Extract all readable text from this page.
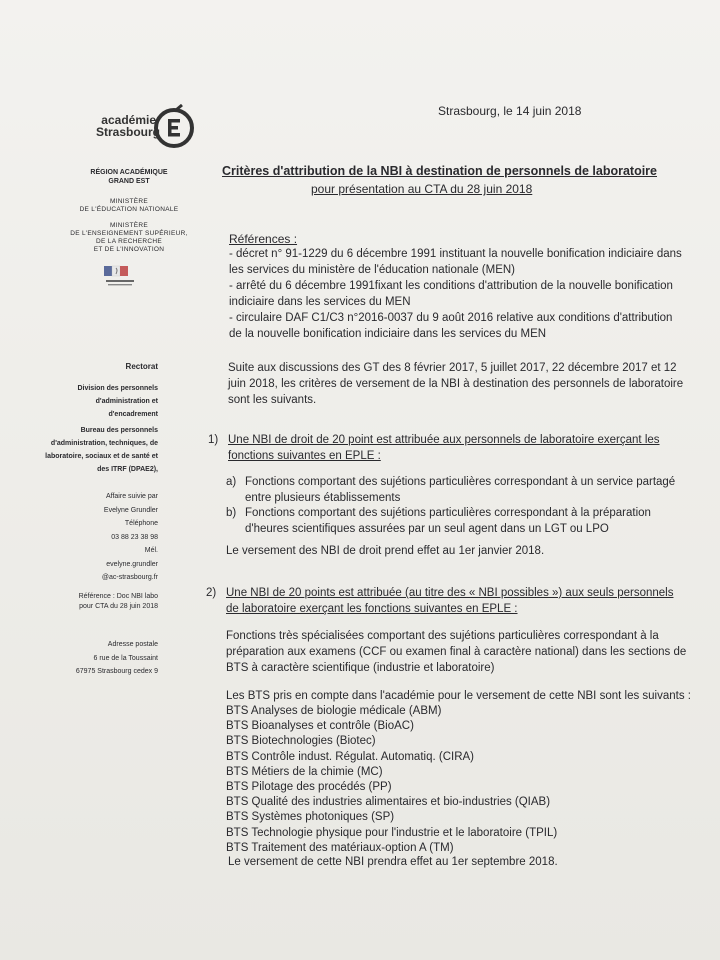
Strasbourg, le 14 juin 2018
académie
Strasbourg
RÉGION ACADÉMIQUE
GRAND EST
MINISTÈRE
DE L'ÉDUCATION NATIONALE
MINISTÈRE
DE L'ENSEIGNEMENT SUPÉRIEUR,
DE LA RECHERCHE
ET DE L'INNOVATION
Critères d'attribution de la NBI à destination de personnels de laboratoire
pour présentation au CTA du 28 juin 2018
Références :
- décret n° 91-1229 du 6 décembre 1991 instituant la nouvelle bonification indiciaire dans
les services du ministère de l'éducation nationale (MEN)
- arrêté du 6 décembre 1991fixant les conditions d'attribution de la nouvelle bonification
indiciaire dans les services du MEN
- circulaire DAF C1/C3 n°2016-0037 du 9 août 2016 relative aux conditions d'attribution
de la nouvelle bonification indiciaire dans les services du MEN
Rectorat
Division des personnels
d'administration et
d'encadrement
Bureau des personnels
d'administration, techniques, de
laboratoire, sociaux et de santé et
des ITRF (DPAE2),
Affaire suivie par
Evelyne Grundler
Téléphone
03 88 23 38 98
Mél.
evelyne.grundler
@ac-strasbourg.fr
Référence : Doc NBI labo
pour CTA du 28 juin 2018
Adresse postale
6 rue de la Toussaint
67975 Strasbourg cedex 9
Suite aux discussions des GT des 8 février 2017, 5 juillet 2017, 22 décembre 2017 et 12
juin 2018, les critères de versement de la NBI à destination des personnels de laboratoire
sont les suivants.
1) Une NBI de droit de 20 point est attribuée aux personnels de laboratoire exerçant les
fonctions suivantes en EPLE :
a) Fonctions comportant des sujétions particulières correspondant à un service partagé
entre plusieurs établissements
b) Fonctions comportant des sujétions particulières correspondant à la préparation
d'heures scientifiques assurées par un seul agent dans un LGT ou LPO
Le versement des NBI de droit prend effet au 1er janvier 2018.
2) Une NBI de 20 points est attribuée (au titre des « NBI possibles ») aux seuls personnels
de laboratoire exerçant les fonctions suivantes en EPLE :
Fonctions très spécialisées comportant des sujétions particulières correspondant à la
préparation aux examens (CCF ou examen final à caractère national) dans les sections de
BTS à caractère scientifique (industrie et laboratoire)
Les BTS pris en compte dans l'académie pour le versement de cette NBI sont les suivants :
BTS Analyses de biologie médicale (ABM)
BTS Bioanalyses et contrôle (BioAC)
BTS Biotechnologies (Biotec)
BTS Contrôle indust. Régulat. Automatiq. (CIRA)
BTS Métiers de la chimie (MC)
BTS Pilotage des procédés (PP)
BTS Qualité des industries alimentaires et bio-industries (QIAB)
BTS Systèmes photoniques (SP)
BTS Technologie physique pour l'industrie et le laboratoire (TPIL)
BTS Traitement des matériaux-option A (TM)
Le versement de cette NBI prendra effet au 1er septembre 2018.
